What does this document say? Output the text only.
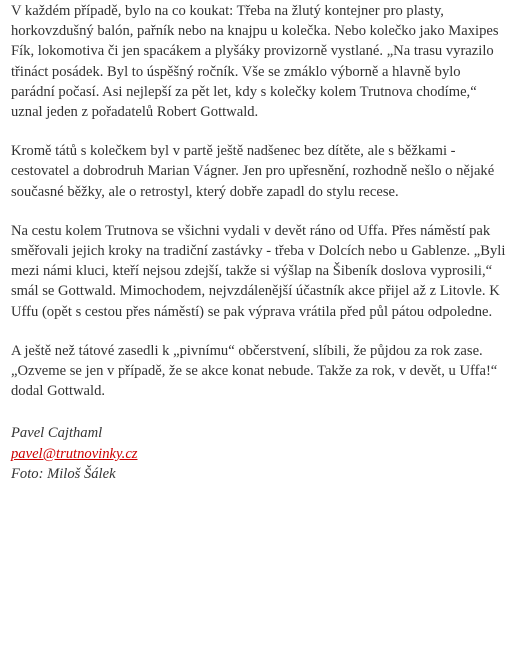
V každém případě, bylo na co koukat: Třeba na žlutý kontejner pro plasty, horkovzdušný balón, pařník nebo na knajpu u kolečka. Nebo kolečko jako Maxipes Fík, lokomotiva či jen spacákem a plyšáky provizorně vystlané. „Na trasu vyrazilo třináct posádek. Byl to úspěšný ročník. Vše se zmáklo výborně a hlavně bylo parádní počasí. Asi nejlepší za pět let, kdy s kolečky kolem Trutnova chodíme,“ uznal jeden z pořadatelů Robert Gottwald.

Kromě tátů s kolečkem byl v partě ještě nadšenec bez dítěte, ale s běžkami - cestovatel a dobrodruh Marian Vágner. Jen pro upřesnění, rozhodně nešlo o nějaké současné běžky, ale o retrostyl, který dobře zapadl do stylu recese.

Na cestu kolem Trutnova se všichni vydali v devět ráno od Uffa. Přes náměstí pak směřovali jejich kroky na tradiční zastávky - třeba v Dolcích nebo u Gablenze. „Byli mezi námi kluci, kteří nejsou zdejší, takže si výšlap na Šibeník doslova vyprosili,“ smál se Gottwald. Mimochodem, nejvzdálenější účastník akce přijel až z Litovle. K Uffu (opět s cestou přes náměstí) se pak výprava vrátila před půl pátou odpoledne.

A ještě než tátové zasedli k „pivnímu“ občerstvení, slíbili, že půjdou za rok zase. „Ozveme se jen v případě, že se akce konat nebude. Takže za rok, v devět, u Uffa!“ dodal Gottwald.

Pavel Cajthaml
pavel@trutnovinky.cz
Foto: Miloš Šálek
